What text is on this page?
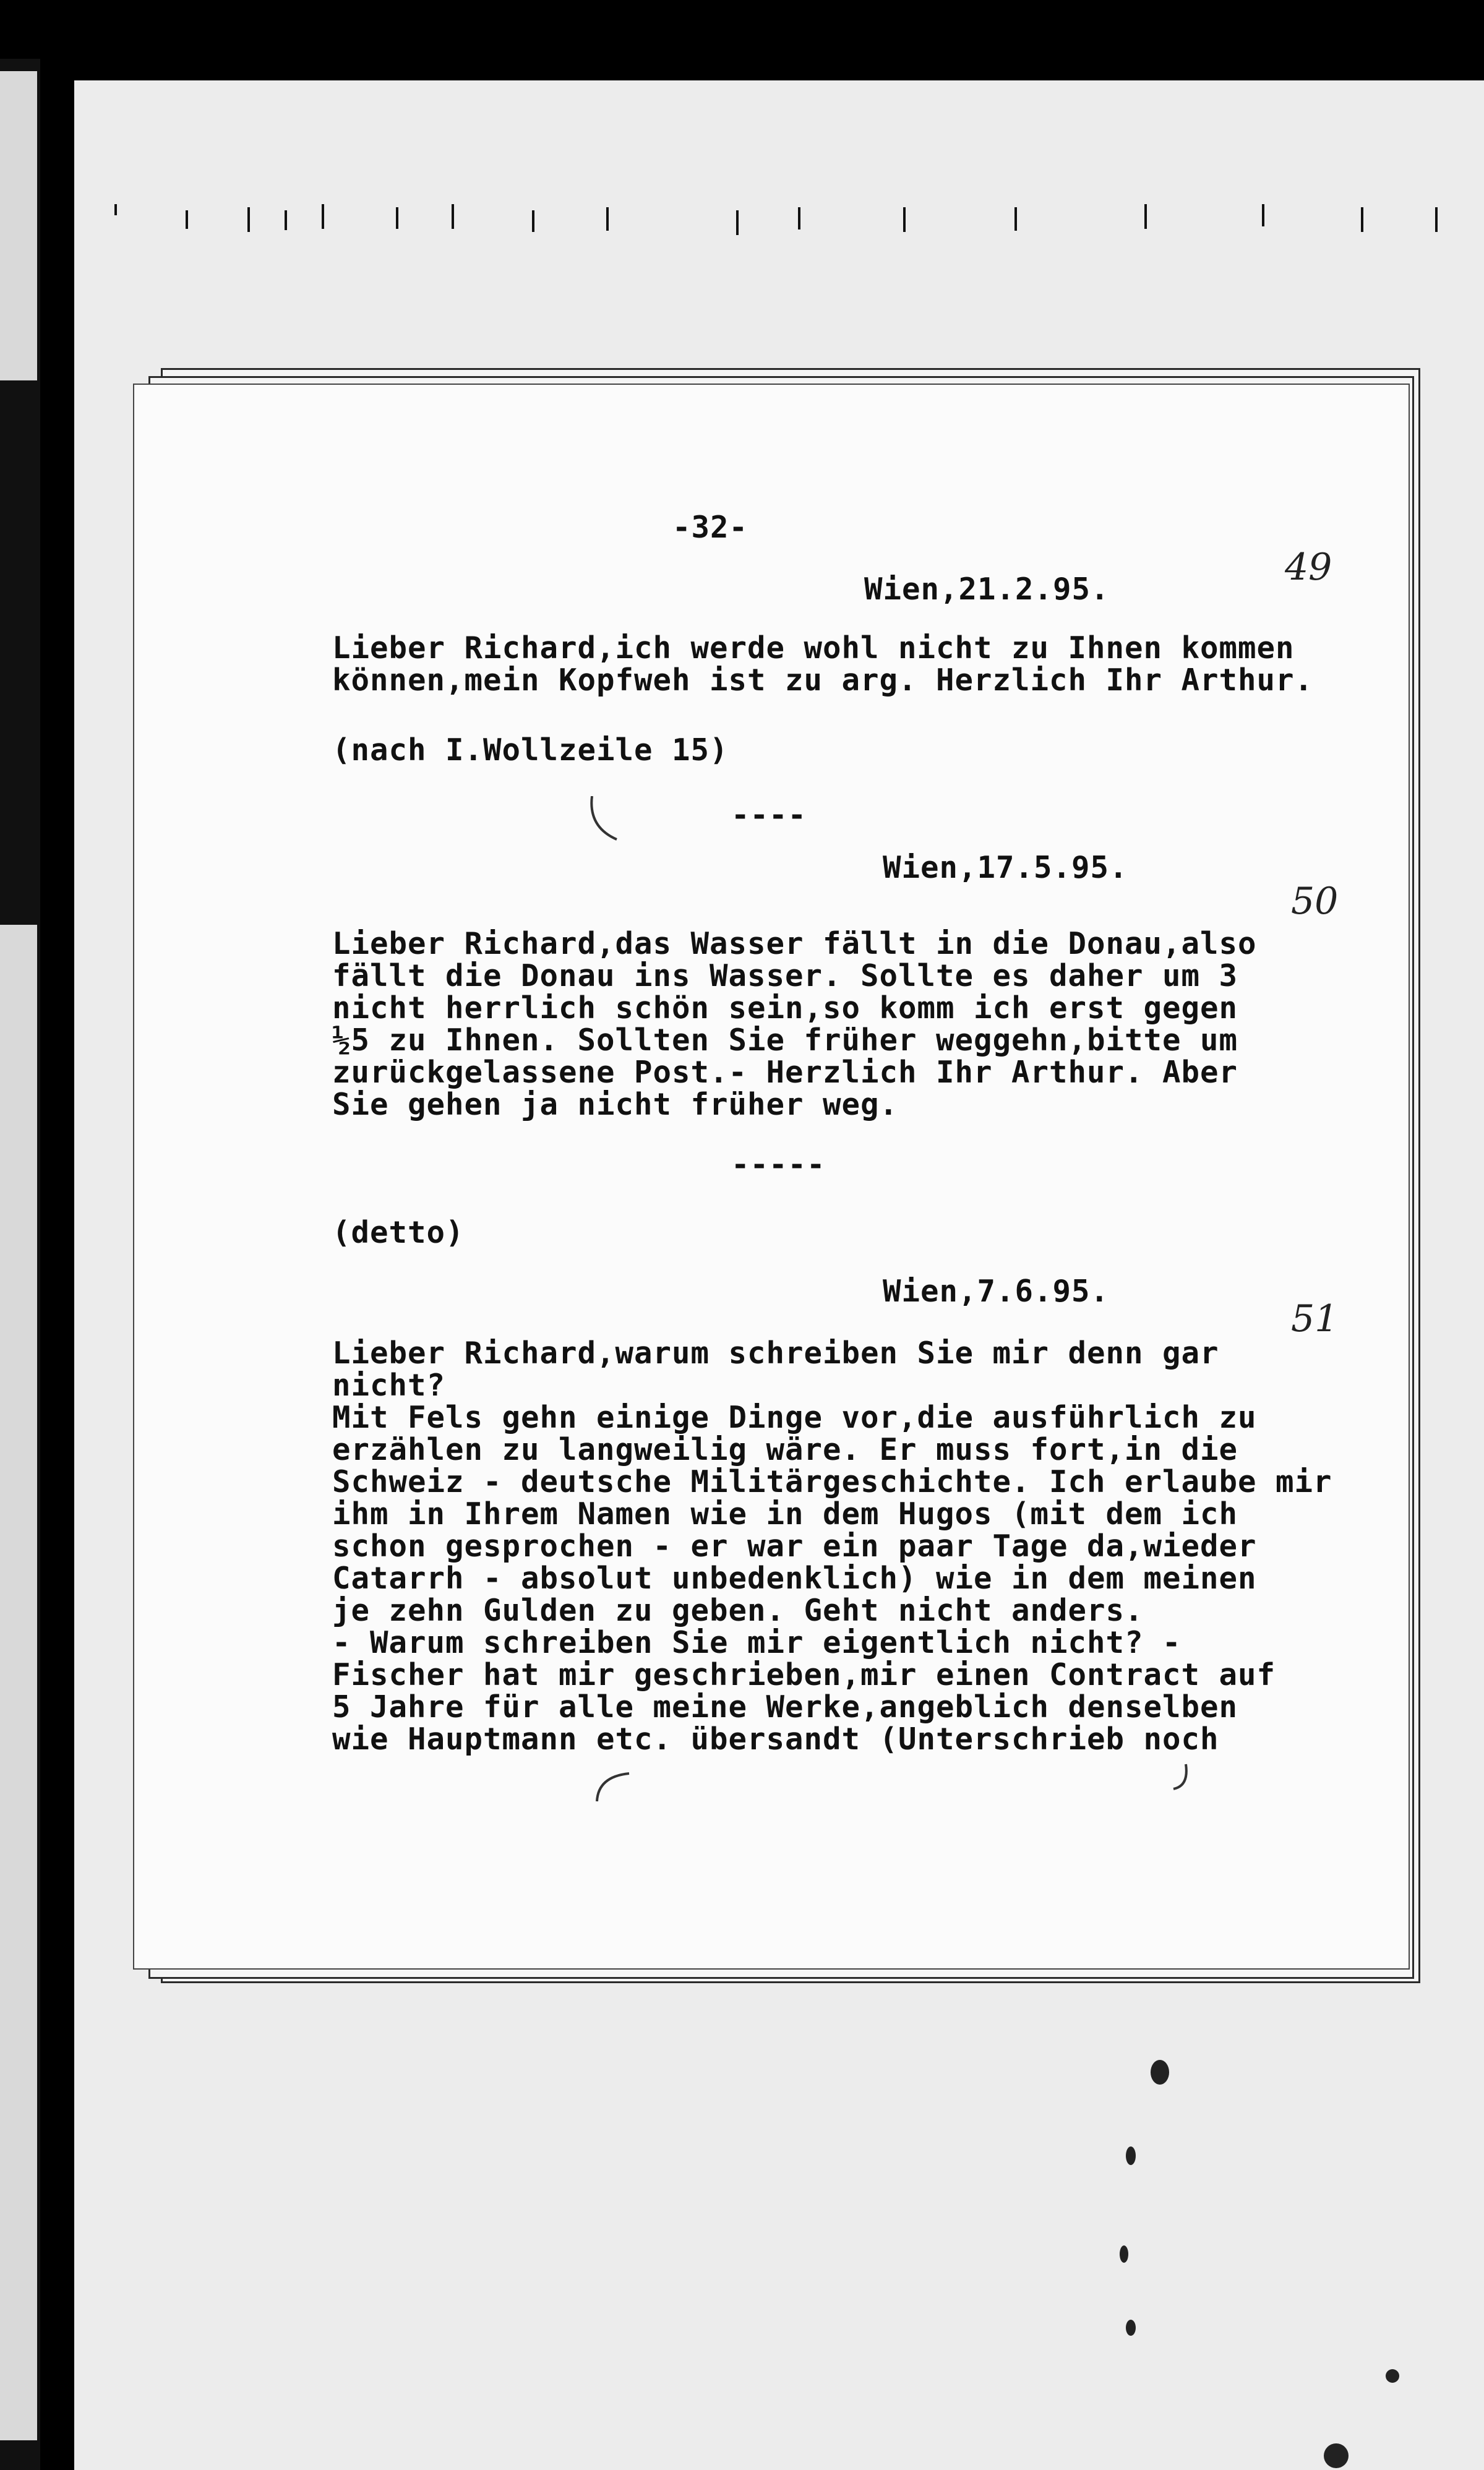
-32-
49
50
51
Wien,21.2.95.
Lieber Richard,ich werde wohl nicht zu Ihnen kommen
können,mein Kopfweh ist zu arg. Herzlich Ihr Arthur.
(nach I.Wollzeile 15)
----
Wien,17.5.95.
Lieber Richard,das Wasser fällt in die Donau,also
fällt die Donau ins Wasser. Sollte es daher um 3
nicht herrlich schön sein,so komm ich erst gegen
½5 zu Ihnen. Sollten Sie früher weggehn,bitte um
zurückgelassene Post.- Herzlich Ihr Arthur. Aber
Sie gehen ja nicht früher weg.
-----
(detto)
Wien,7.6.95.
Lieber Richard,warum schreiben Sie mir denn gar
nicht?
Mit Fels gehn einige Dinge vor,die ausführlich zu
erzählen zu langweilig wäre. Er muss fort,in die
Schweiz - deutsche Militärgeschichte. Ich erlaube mir
ihm in Ihrem Namen wie in dem Hugos (mit dem ich
schon gesprochen - er war ein paar Tage da,wieder
Catarrh - absolut unbedenklich) wie in dem meinen
je zehn Gulden zu geben. Geht nicht anders.
- Warum schreiben Sie mir eigentlich nicht? -
Fischer hat mir geschrieben,mir einen Contract auf
5 Jahre für alle meine Werke,angeblich denselben
wie Hauptmann etc. übersandt (Unterschrieb noch
